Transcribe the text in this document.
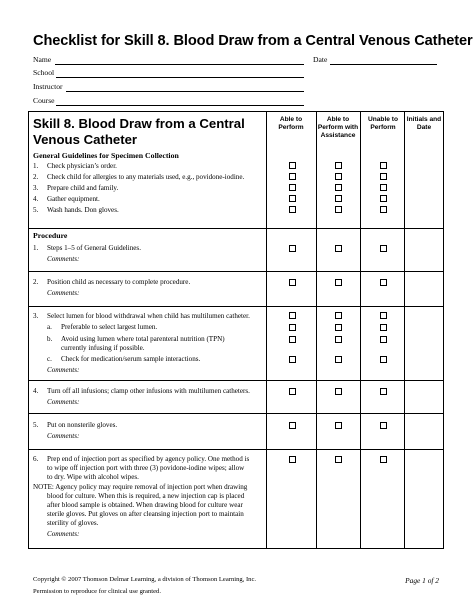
Checklist for Skill 8. Blood Draw from a Central Venous Catheter
Name	Date
School
Instructor
Course
Skill 8. Blood Draw from a Central Venous Catheter
Able to Perform
Able to Perform with Assistance
Unable to Perform
Initials and Date
General Guidelines for Specimen Collection
1. Check physician’s order.
2. Check child for allergies to any materials used, e.g., povidone-iodine.
3. Prepare child and family.
4. Gather equipment.
5. Wash hands. Don gloves.
Procedure
1. Steps 1–5 of General Guidelines.
Comments:
2. Position child as necessary to complete procedure.
Comments:
3. Select lumen for blood withdrawal when child has multilumen catheter.
a. Preferable to select largest lumen.
b. Avoid using lumen where total parenteral nutrition (TPN)
currently infusing if possible.
c. Check for medication/serum sample interactions.
Comments:
4. Turn off all infusions; clamp other infusions with multilumen catheters.
Comments:
5. Put on nonsterile gloves.
Comments:
6. Prep end of injection port as specified by agency policy. One method is
to wipe off injection port with three (3) povidone-iodine wipes; allow
to dry. Wipe with alcohol wipes.
NOTE: Agency policy may require removal of injection port when drawing
blood for culture. When this is required, a new injection cap is placed
after blood sample is obtained. When drawing blood for culture wear
sterile gloves. Put gloves on after cleansing injection port to maintain
sterility of gloves.
Comments:
Copyright © 2007 Thomson Delmar Learning, a division of Thomson Learning, Inc.
Permission to reproduce for clinical use granted.
Page 1 of 2
